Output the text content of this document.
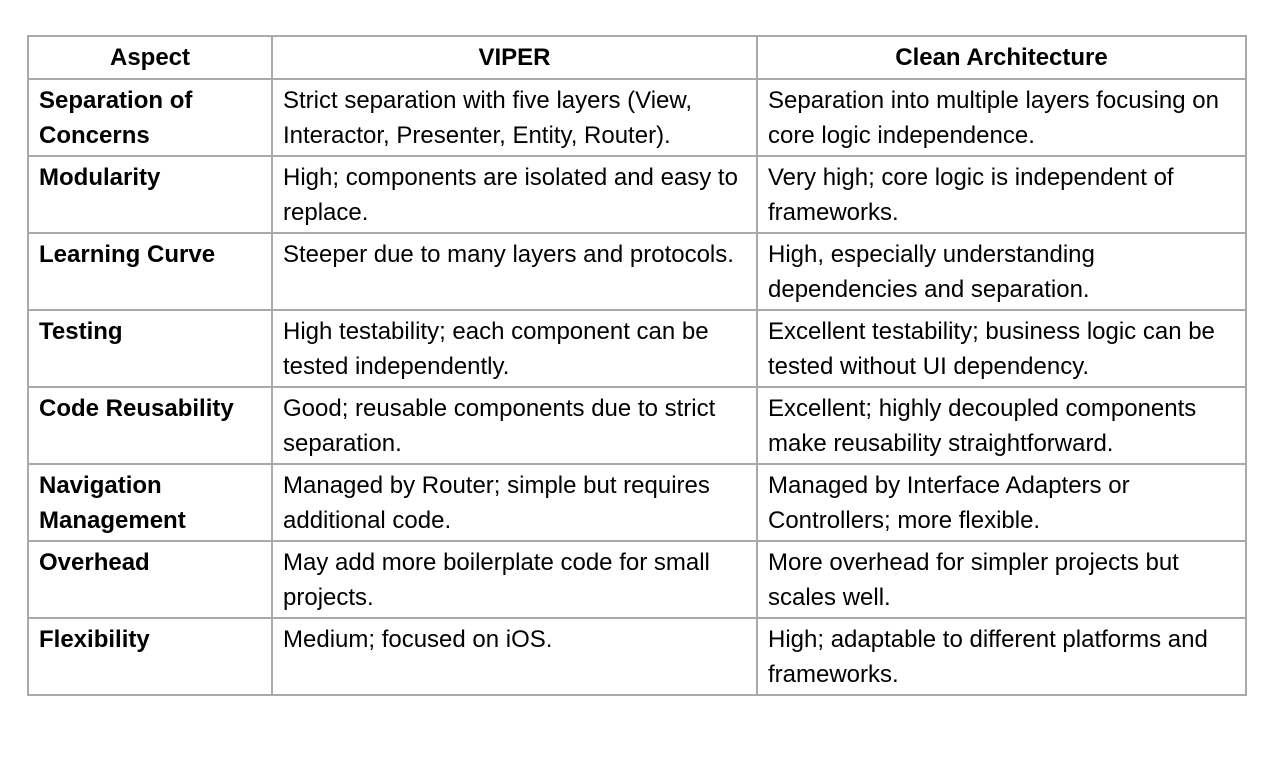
Aspect	VIPER	Clean Architecture
Separation of Concerns	Strict separation with five layers (View, Interactor, Presenter, Entity, Router).	Separation into multiple layers focusing on core logic independence.
Modularity	High; components are isolated and easy to replace.	Very high; core logic is independent of frameworks.
Learning Curve	Steeper due to many layers and protocols.	High, especially understanding dependencies and separation.
Testing	High testability; each component can be tested independently.	Excellent testability; business logic can be tested without UI dependency.
Code Reusability	Good; reusable components due to strict separation.	Excellent; highly decoupled components make reusability straightforward.
Navigation Management	Managed by Router; simple but requires additional code.	Managed by Interface Adapters or Controllers; more flexible.
Overhead	May add more boilerplate code for small projects.	More overhead for simpler projects but scales well.
Flexibility	Medium; focused on iOS.	High; adaptable to different platforms and frameworks.
